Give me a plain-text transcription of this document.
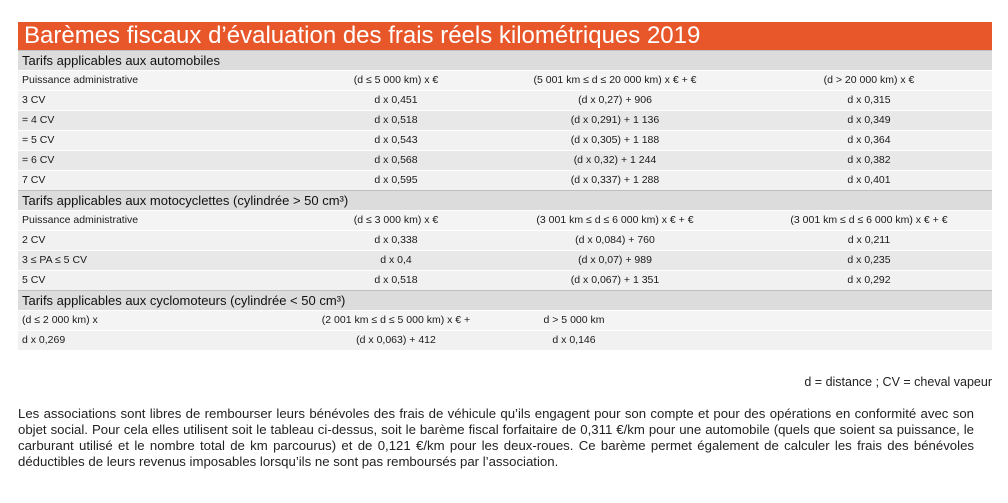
Barèmes fiscaux d’évaluation des frais réels kilométriques 2019
Tarifs applicables aux automobiles
Puissance administrative	(d ≤ 5 000 km) x €	(5 001 km ≤ d ≤ 20 000 km) x € + €	(d > 20 000 km) x €
3 CV	d x 0,451	(d x 0,27) + 906	d x 0,315
= 4 CV	d x 0,518	(d x 0,291) + 1 136	d x 0,349
= 5 CV	d x 0,543	(d x 0,305) + 1 188	d x 0,364
= 6 CV	d x 0,568	(d x 0,32) + 1 244	d x 0,382
7 CV	d x 0,595	(d x 0,337) + 1 288	d x 0,401
Tarifs applicables aux motocyclettes (cylindrée > 50 cm³)
Puissance administrative	(d ≤ 3 000 km) x €	(3 001 km ≤ d ≤ 6 000 km) x € + €	(3 001 km ≤ d ≤ 6 000 km) x € + €
2 CV	d x 0,338	(d x 0,084) + 760	d x 0,211
3 ≤ PA ≤ 5 CV	d x 0,4	(d x 0,07) + 989	d x 0,235
5 CV	d x 0,518	(d x 0,067) + 1 351	d x 0,292
Tarifs applicables aux cyclomoteurs (cylindrée < 50 cm³)
(d ≤ 2 000 km) x	(2 001 km ≤ d ≤ 5 000 km) x € +	d > 5 000 km
d x 0,269	(d x 0,063) + 412	d x 0,146
d = distance ; CV = cheval vapeur
Les associations sont libres de rembourser leurs bénévoles des frais de véhicule qu’ils engagent pour son compte et pour des opérations en conformité avec son objet social. Pour cela elles utilisent soit le tableau ci-dessus, soit le barème fiscal forfaitaire de 0,311 €/km pour une automobile (quels que soient sa puissance, le carburant utilisé et le nombre total de km parcourus) et de 0,121 €/km pour les deux-roues. Ce barème permet également de calculer les frais des bénévoles déductibles de leurs revenus imposables lorsqu’ils ne sont pas remboursés par l’association.
